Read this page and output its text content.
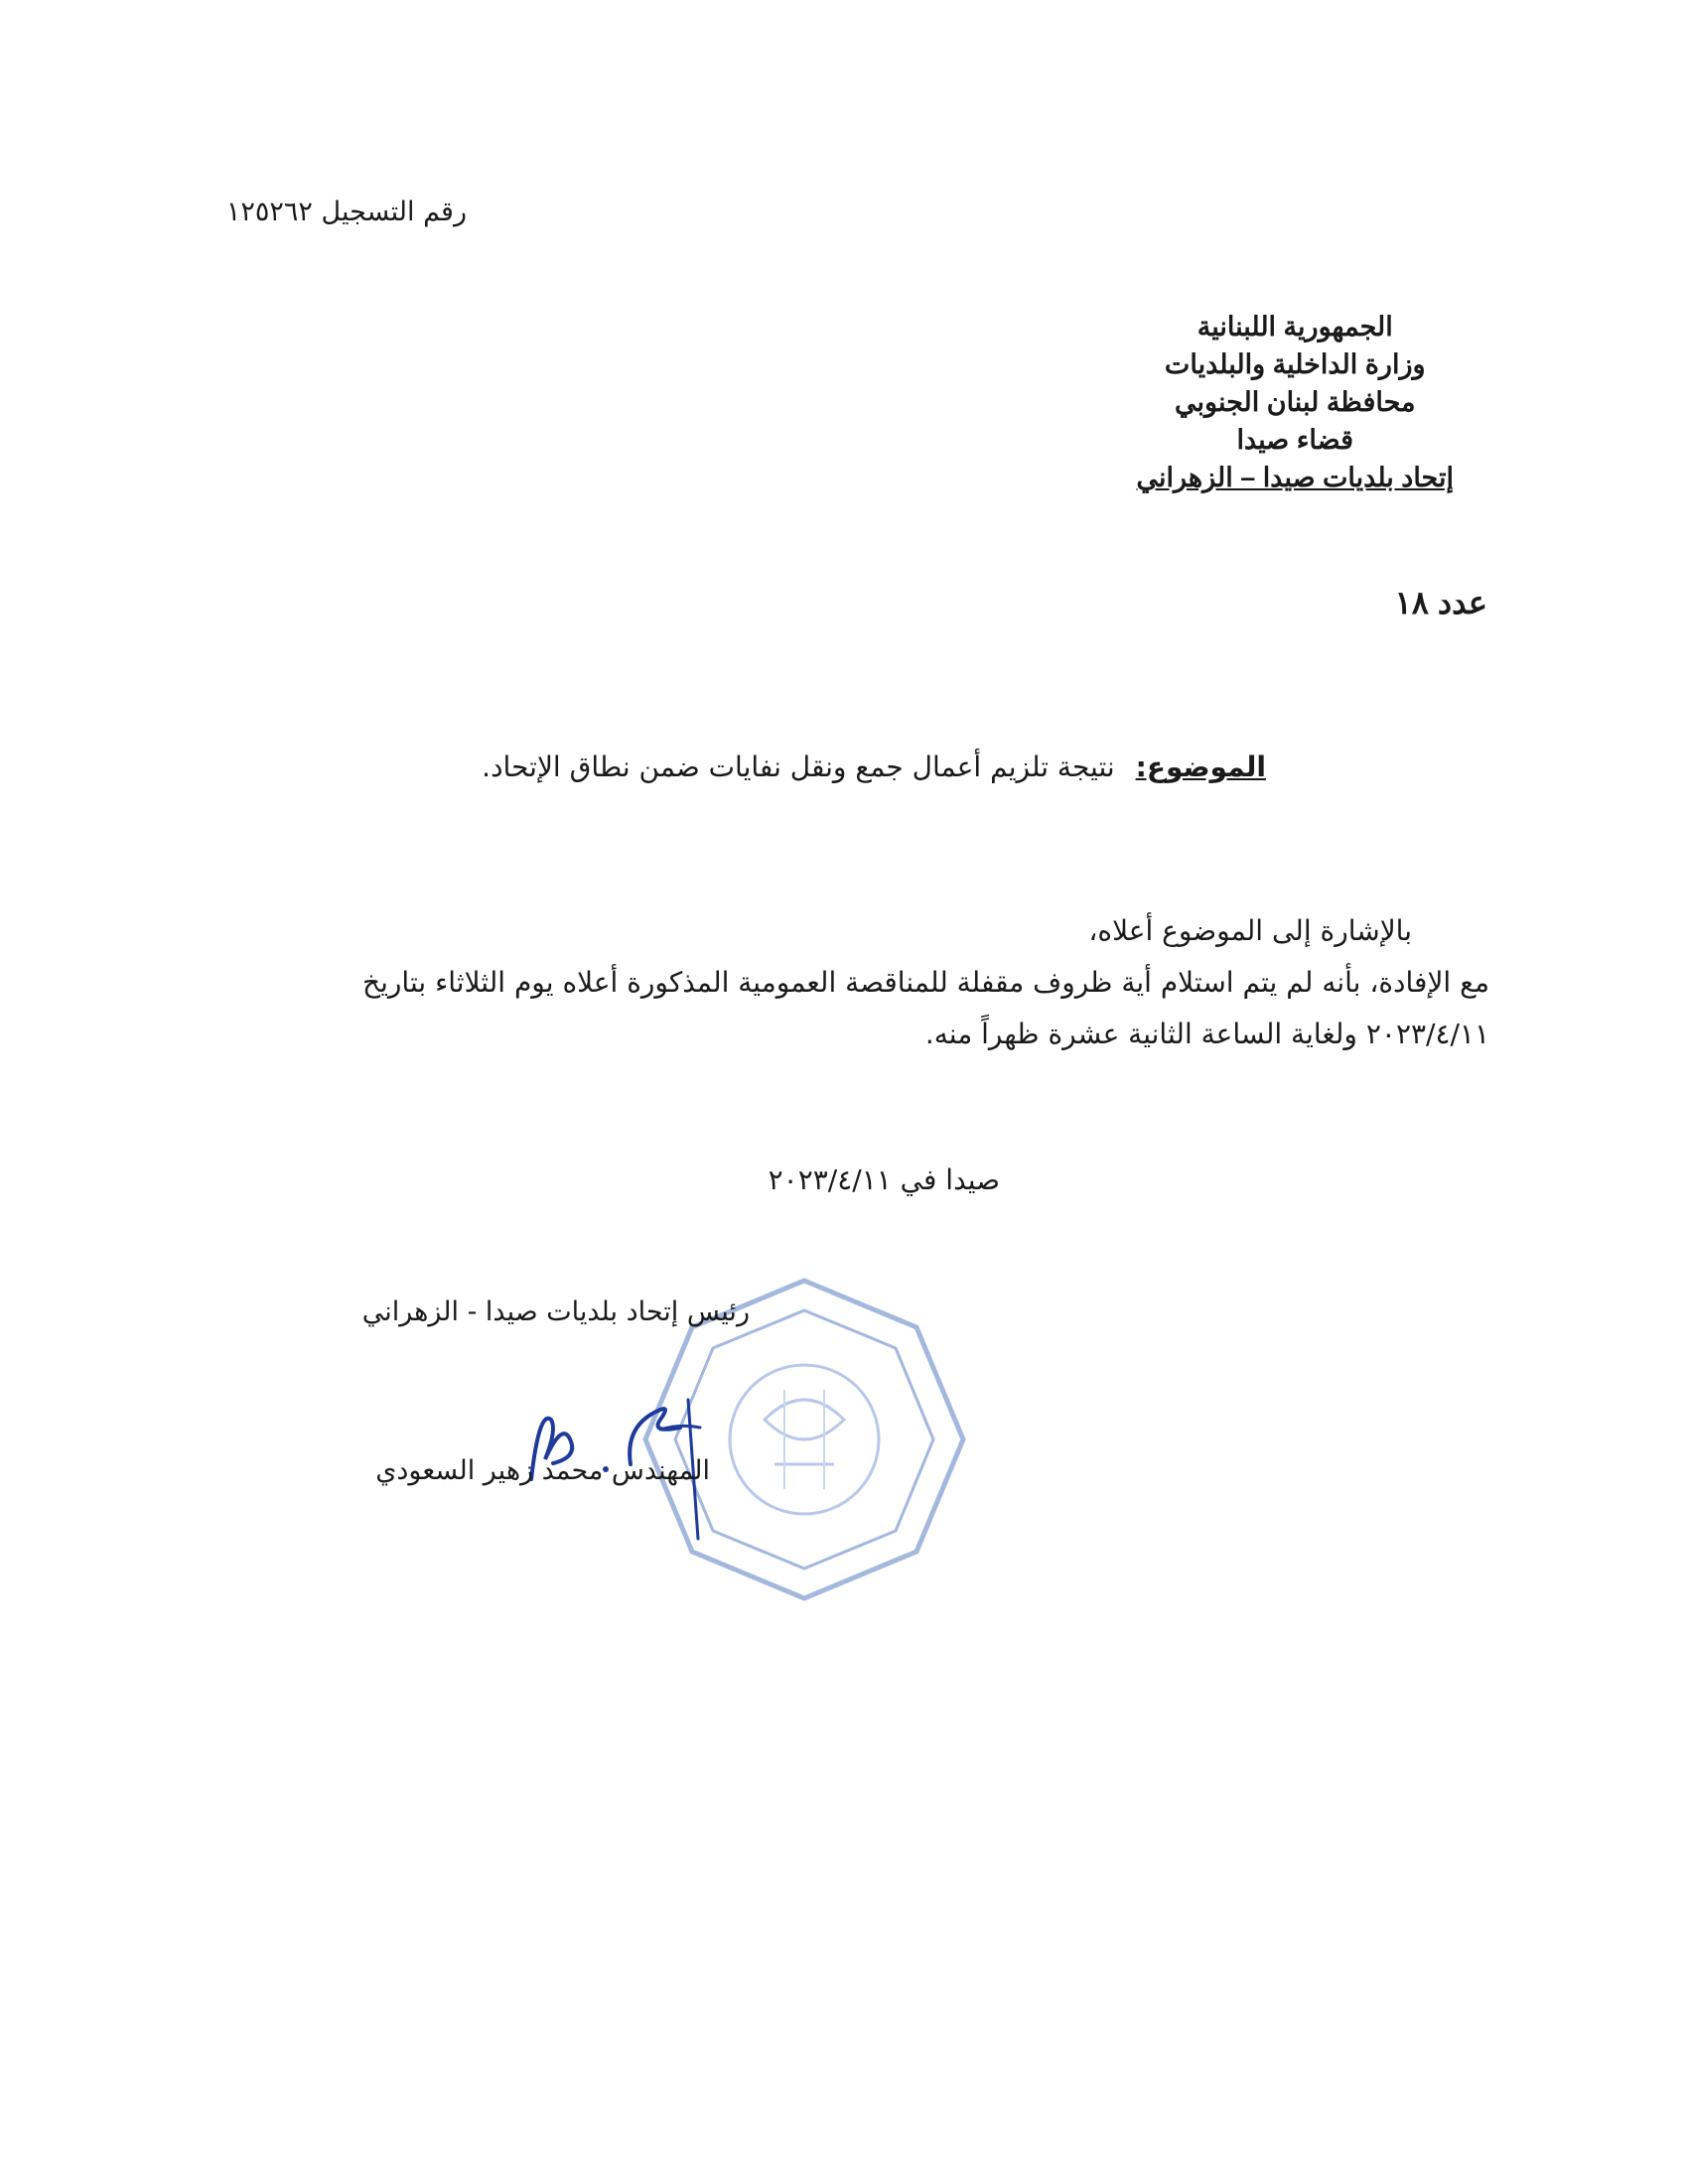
رقم التسجيل ١٢٥٢٦٢
الجمهورية اللبنانية
وزارة الداخلية والبلديات
محافظة لبنان الجنوبي
قضاء صيدا
إتحاد بلديات صيدا – الزهراني
عدد ١٨
الموضوع: نتيجة تلزيم أعمال جمع ونقل نفايات ضمن نطاق الإتحاد.
بالإشارة إلى الموضوع أعلاه،
مع الإفادة، بأنه لم يتم استلام أية ظروف مقفلة للمناقصة العمومية المذكورة أعلاه يوم الثلاثاء بتاريخ
٢٠٢٣/٤/١١ ولغاية الساعة الثانية عشرة ظهراً منه.
صيدا في ٢٠٢٣/٤/١١
رئيس إتحاد بلديات صيدا - الزهراني
المهندس محمد زهير السعودي
